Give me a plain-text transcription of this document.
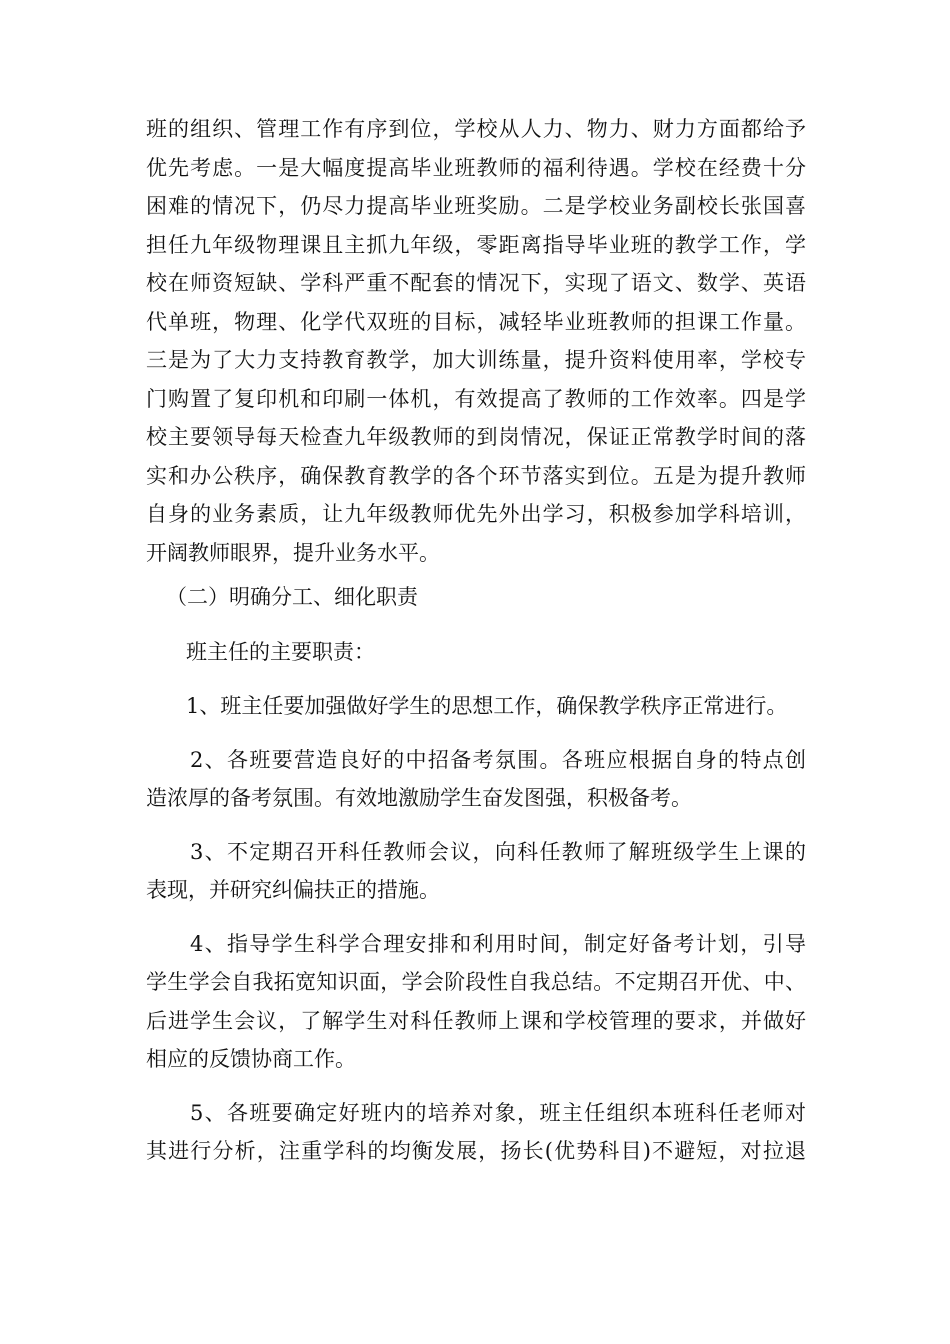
班的组织、管理工作有序到位，学校从人力、物力、财力方面都给予
优先考虑。一是大幅度提高毕业班教师的福利待遇。学校在经费十分
困难的情况下，仍尽力提高毕业班奖励。二是学校业务副校长张国喜
担任九年级物理课且主抓九年级，零距离指导毕业班的教学工作，学
校在师资短缺、学科严重不配套的情况下，实现了语文、数学、英语
代单班，物理、化学代双班的目标，减轻毕业班教师的担课工作量。
三是为了大力支持教育教学，加大训练量，提升资料使用率，学校专
门购置了复印机和印刷一体机，有效提高了教师的工作效率。四是学
校主要领导每天检查九年级教师的到岗情况，保证正常教学时间的落
实和办公秩序，确保教育教学的各个环节落实到位。五是为提升教师
自身的业务素质，让九年级教师优先外出学习，积极参加学科培训，
开阔教师眼界，提升业务水平。

（二）明确分工、细化职责

班主任的主要职责：

1、班主任要加强做好学生的思想工作，确保教学秩序正常进行。

2、各班要营造良好的中招备考氛围。各班应根据自身的特点创
造浓厚的备考氛围。有效地激励学生奋发图强，积极备考。

3、不定期召开科任教师会议，向科任教师了解班级学生上课的
表现，并研究纠偏扶正的措施。

4、指导学生科学合理安排和利用时间，制定好备考计划，引导
学生学会自我拓宽知识面，学会阶段性自我总结。不定期召开优、中、
后进学生会议，了解学生对科任教师上课和学校管理的要求，并做好
相应的反馈协商工作。

5、各班要确定好班内的培养对象，班主任组织本班科任老师对
其进行分析，注重学科的均衡发展，扬长(优势科目)不避短，对拉退
